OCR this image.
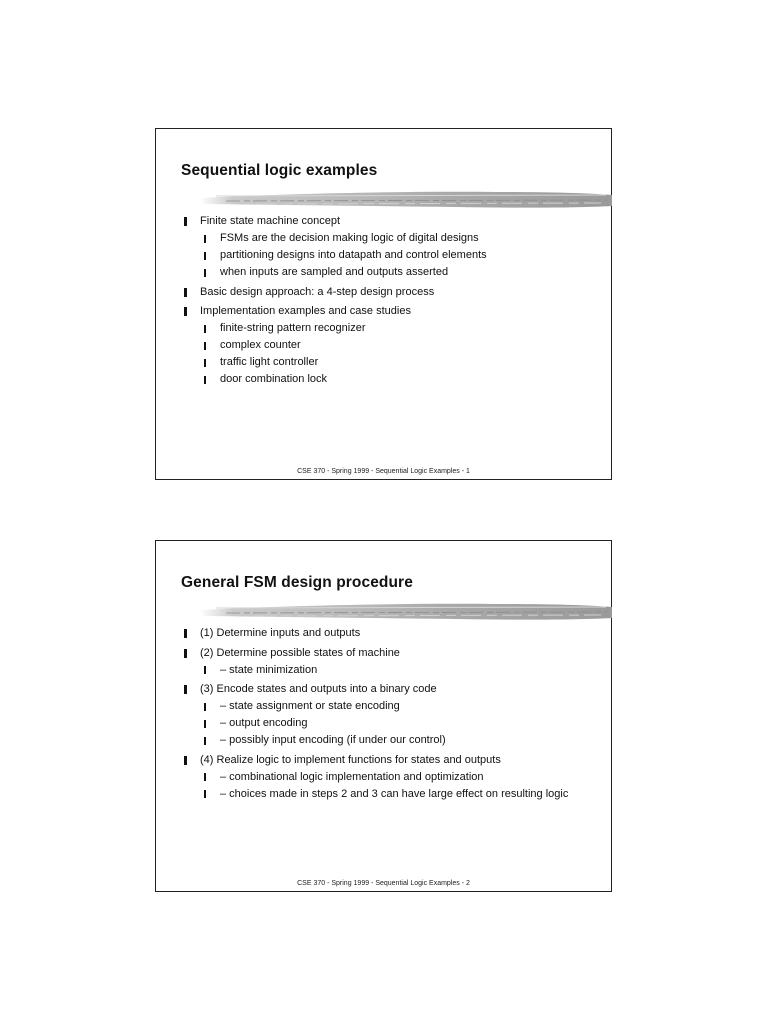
Sequential logic examples
Finite state machine concept
FSMs are the decision making logic of digital designs
partitioning designs into datapath and control elements
when inputs are sampled and outputs asserted
Basic design approach: a 4-step design process
Implementation examples and case studies
finite-string pattern recognizer
complex counter
traffic light controller
door combination lock
CSE 370 - Spring 1999 - Sequential Logic Examples - 1
General FSM design procedure
(1) Determine inputs and outputs
(2) Determine possible states of machine
– state minimization
(3) Encode states and outputs into a binary code
– state assignment or state encoding
– output encoding
– possibly input encoding (if under our control)
(4) Realize logic to implement functions for states and outputs
– combinational logic implementation and optimization
– choices made in steps 2 and 3 can have large effect on resulting logic
CSE 370 - Spring 1999 - Sequential Logic Examples - 2
